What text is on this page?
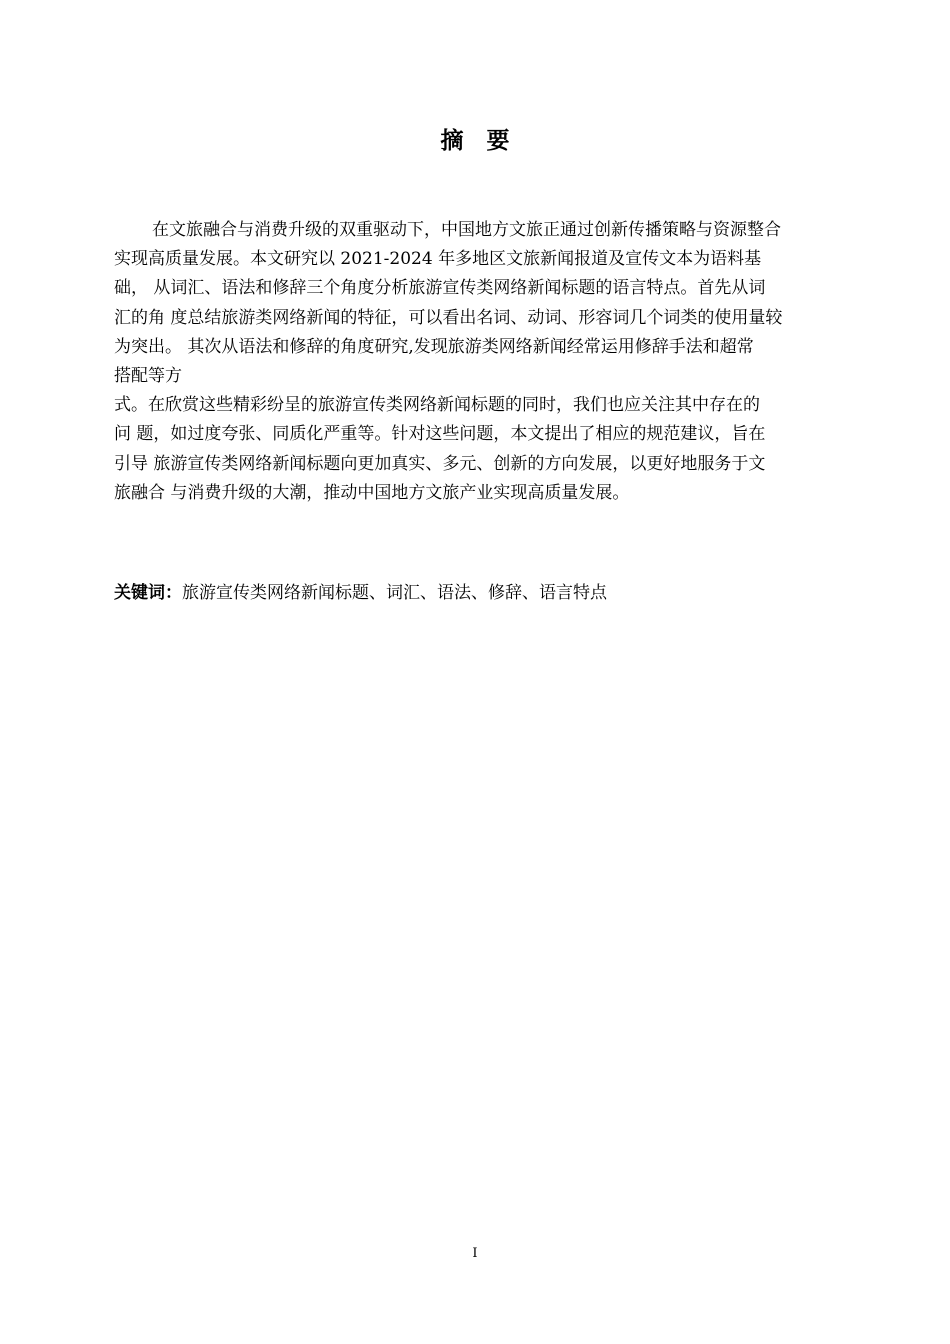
摘　要
在文旅融合与消费升级的双重驱动下，中国地方文旅正通过创新传播策略与资源整合
实现高质量发展。本文研究以 2021-2024 年多地区文旅新闻报道及宣传文本为语料基
础， 从词汇、语法和修辞三个角度分析旅游宣传类网络新闻标题的语言特点。首先从词
汇的角 度总结旅游类网络新闻的特征，可以看出名词、动词、形容词几个词类的使用量较
为突出。 其次从语法和修辞的角度研究,发现旅游类网络新闻经常运用修辞手法和超常
搭配等方
式。在欣赏这些精彩纷呈的旅游宣传类网络新闻标题的同时，我们也应关注其中存在的
问 题，如过度夸张、同质化严重等。针对这些问题，本文提出了相应的规范建议，旨在
引导 旅游宣传类网络新闻标题向更加真实、多元、创新的方向发展，以更好地服务于文
旅融合 与消费升级的大潮，推动中国地方文旅产业实现高质量发展。
关键词：旅游宣传类网络新闻标题、词汇、语法、修辞、语言特点
I
